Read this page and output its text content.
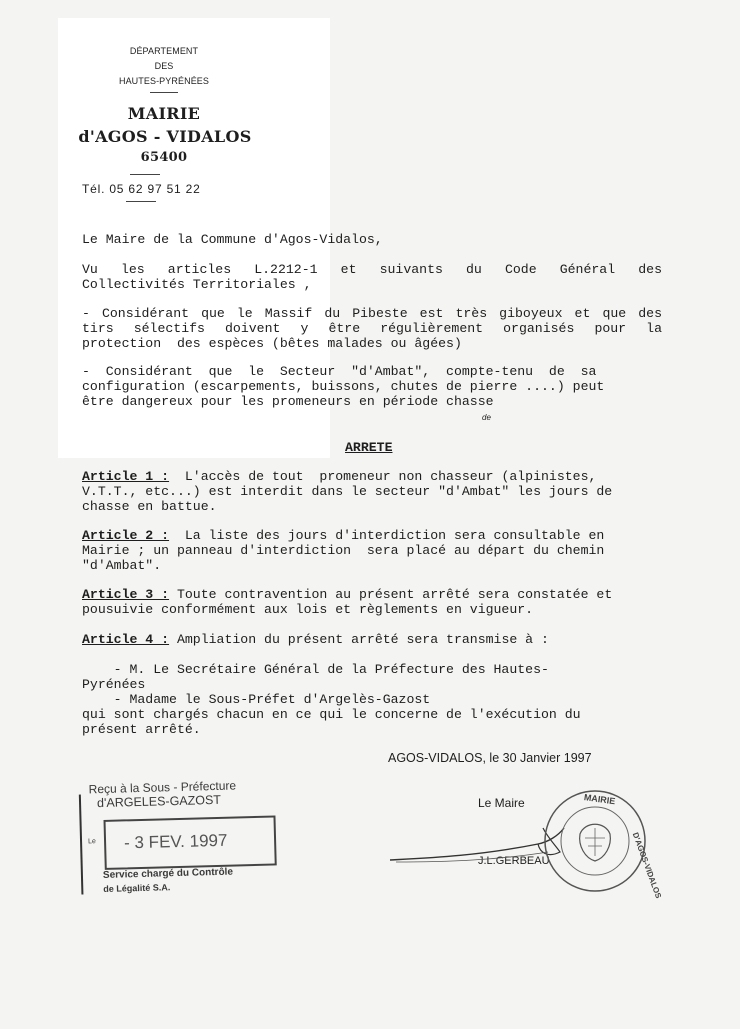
DÉPARTEMENT
DES
HAUTES-PYRÉNÉES
MAIRIE
d'AGOS - VIDALOS
65400
Tél. 05 62 97 51 22
Le Maire de la Commune d'Agos-Vidalos,
Vu les articles L.2212-1 et suivants du Code Général des
Collectivités Territoriales ,
- Considérant que le Massif du Pibeste est très giboyeux et que des
tirs sélectifs doivent y être régulièrement organisés pour la
protection  des espèces (bêtes malades ou âgées)
-  Considérant  que  le  Secteur  "d'Ambat",  compte-tenu  de  sa
configuration (escarpements, buissons, chutes de pierre ....) peut
être dangereux pour les promeneurs en période chasse
de
ARRETE
Article 1 :  L'accès de tout  promeneur non chasseur (alpinistes,
V.T.T., etc...) est interdit dans le secteur "d'Ambat" les jours de
chasse en battue.
Article 2 :  La liste des jours d'interdiction sera consultable en
Mairie ; un panneau d'interdiction  sera placé au départ du chemin
"d'Ambat".
Article 3 : Toute contravention au présent arrêté sera constatée et
pousuivie conformément aux lois et règlements en vigueur.
Article 4 : Ampliation du présent arrêté sera transmise à :
- M. Le Secrétaire Général de la Préfecture des Hautes-
Pyrénées
- Madame le Sous-Préfet d'Argelès-Gazost
qui sont chargés chacun en ce qui le concerne de l'exécution du
présent arrêté.
AGOS-VIDALOS, le 30 Janvier 1997
Le Maire
J.L.GERBEAU
MAIRIE
D'AGOS-VIDALOS
Reçu à la Sous - Préfecture
d'ARGELES-GAZOST
Le - 3 FEV. 1997
Service chargé du Contrôle
de Légalité S.A.
